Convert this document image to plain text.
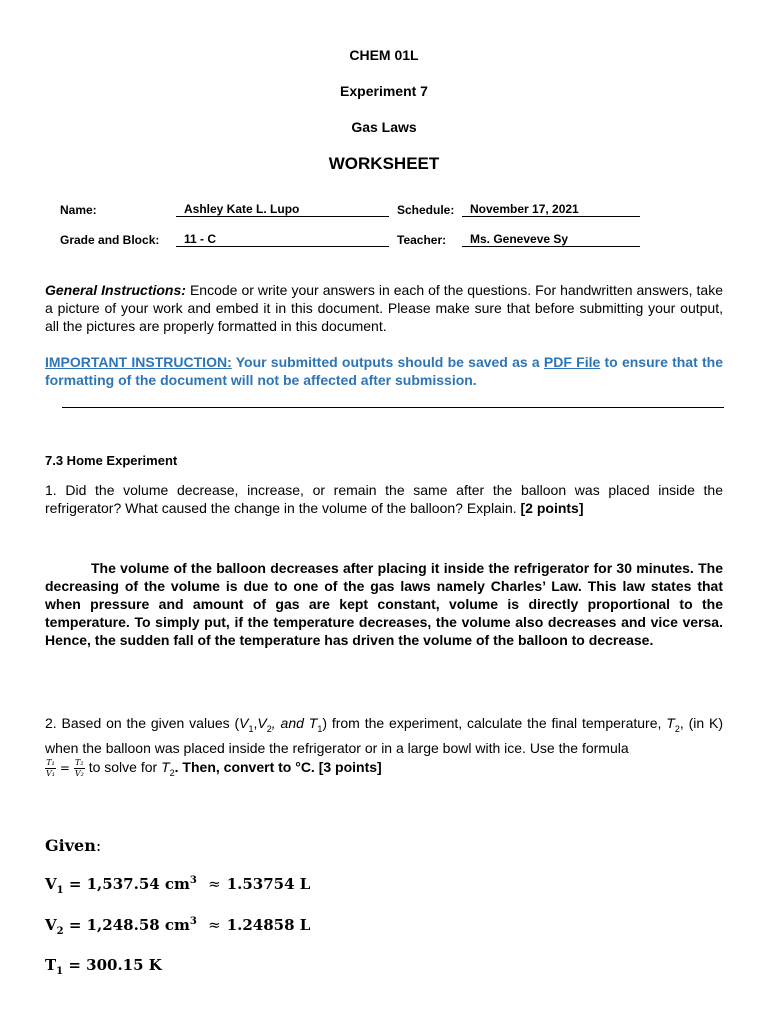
CHEM 01L
Experiment 7
Gas Laws
WORKSHEET
Name:	Ashley Kate L. Lupo	Schedule:	November 17, 2021
Grade and Block:	11 - C	Teacher:	Ms. Geneveve Sy
General Instructions: Encode or write your answers in each of the questions. For handwritten answers, take a picture of your work and embed it in this document. Please make sure that before submitting your output, all the pictures are properly formatted in this document.
IMPORTANT INSTRUCTION: Your submitted outputs should be saved as a PDF File to ensure that the formatting of the document will not be affected after submission.
7.3 Home Experiment
1. Did the volume decrease, increase, or remain the same after the balloon was placed inside the refrigerator? What caused the change in the volume of the balloon? Explain. [2 points]
The volume of the balloon decreases after placing it inside the refrigerator for 30 minutes. The decreasing of the volume is due to one of the gas laws namely Charles’ Law. This law states that when pressure and amount of gas are kept constant, volume is directly proportional to the temperature. To simply put, if the temperature decreases, the volume also decreases and vice versa. Hence, the sudden fall of the temperature has driven the volume of the balloon to decrease.
2. Based on the given values ($V_1,V_2$, and $T_1$) from the experiment, calculate the final temperature, $T_2$, (in K) when the balloon was placed inside the refrigerator or in a large bowl with ice. Use the formula

$\frac{\text{T₁}}{\text{V₁}} = \frac{\text{T₂}}{\text{V₂}}$ to solve for $T_2$. Then, convert to °C. [3 points]
Given:
$V_1 = 1,537.54$ $cm^3 \approx 1.53754$ L
$V_2 = 1,248.58$ $cm^3 \approx 1.24858$ L
$T_1 = 300.15$ K
